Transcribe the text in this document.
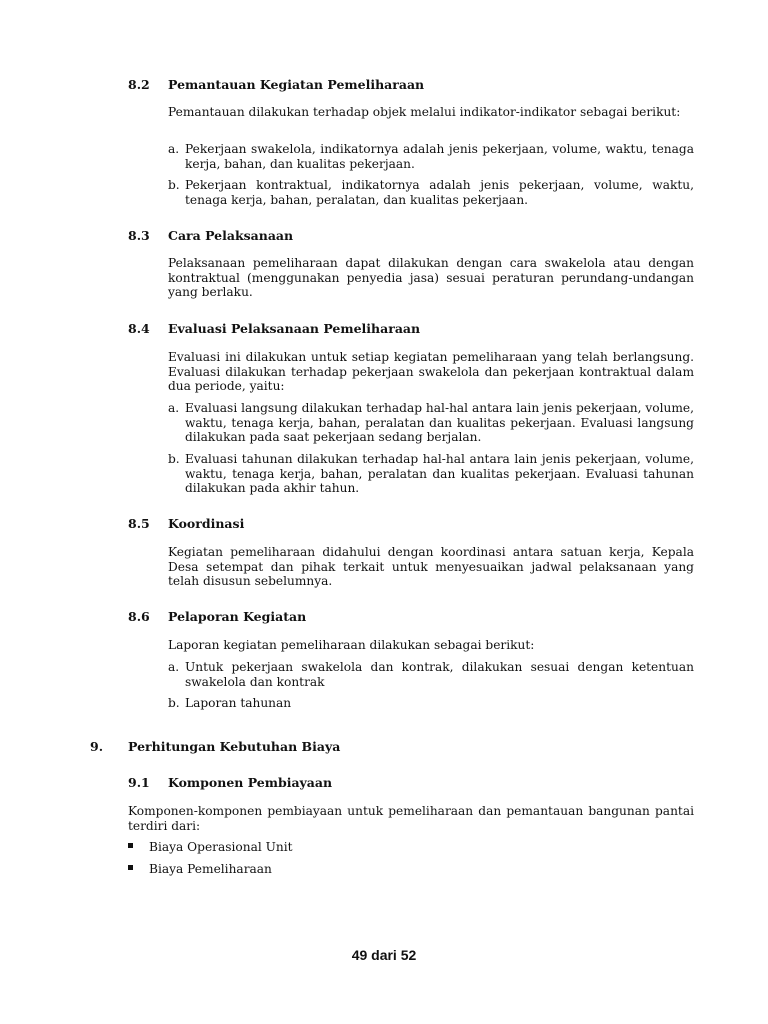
8.2 Pemantauan Kegiatan Pemeliharaan
Pemantauan dilakukan terhadap objek melalui indikator-indikator sebagai berikut:
a. Pekerjaan swakelola, indikatornya adalah jenis pekerjaan, volume, waktu, tenaga kerja, bahan, dan kualitas pekerjaan.
b. Pekerjaan kontraktual, indikatornya adalah jenis pekerjaan, volume, waktu, tenaga kerja, bahan, peralatan, dan kualitas pekerjaan.
8.3 Cara Pelaksanaan
Pelaksanaan pemeliharaan dapat dilakukan dengan cara swakelola atau dengan kontraktual (menggunakan penyedia jasa) sesuai peraturan perundang-undangan yang berlaku.
8.4 Evaluasi Pelaksanaan Pemeliharaan
Evaluasi ini dilakukan untuk setiap kegiatan pemeliharaan yang telah berlangsung. Evaluasi dilakukan terhadap pekerjaan swakelola dan pekerjaan kontraktual dalam dua periode, yaitu:
a. Evaluasi langsung dilakukan terhadap hal-hal antara lain jenis pekerjaan, volume, waktu, tenaga kerja, bahan, peralatan dan kualitas pekerjaan. Evaluasi langsung dilakukan pada saat pekerjaan sedang berjalan.
b. Evaluasi tahunan dilakukan terhadap hal-hal antara lain jenis pekerjaan, volume, waktu, tenaga kerja, bahan, peralatan dan kualitas pekerjaan. Evaluasi tahunan dilakukan pada akhir tahun.
8.5 Koordinasi
Kegiatan pemeliharaan didahului dengan koordinasi antara satuan kerja, Kepala Desa setempat dan pihak terkait untuk menyesuaikan jadwal pelaksanaan yang telah disusun sebelumnya.
8.6 Pelaporan Kegiatan
Laporan kegiatan pemeliharaan dilakukan sebagai berikut:
a. Untuk pekerjaan swakelola dan kontrak, dilakukan sesuai dengan ketentuan swakelola dan kontrak
b. Laporan tahunan
9. Perhitungan Kebutuhan Biaya
9.1 Komponen Pembiayaan
Komponen-komponen pembiayaan untuk pemeliharaan dan pemantauan bangunan pantai terdiri dari:
Biaya Operasional Unit
Biaya Pemeliharaan
49 dari 52
